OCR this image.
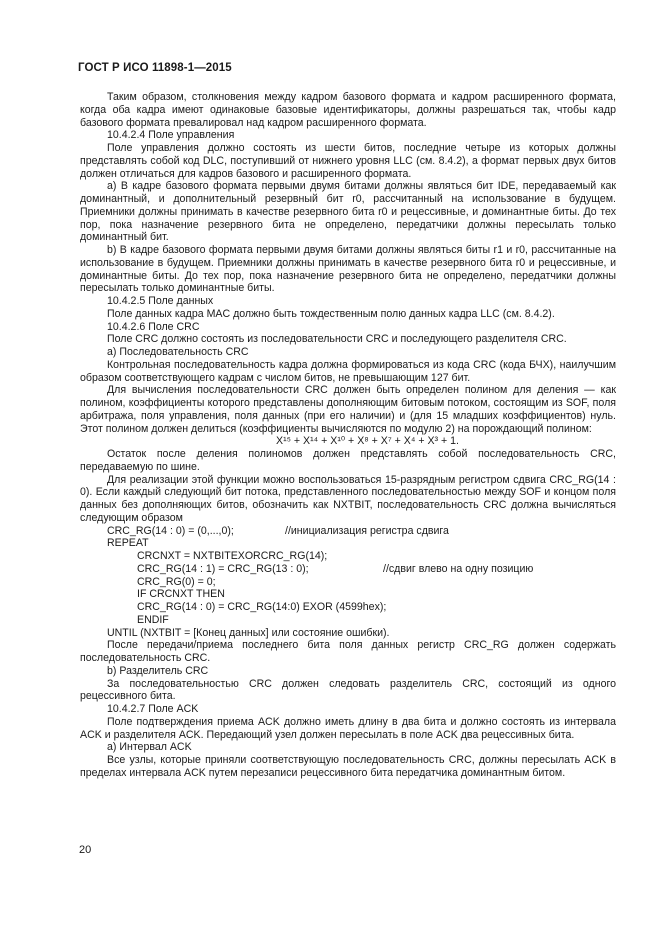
ГОСТ Р ИСО 11898-1—2015

Таким образом, столкновения между кадром базового формата и кадром расширенного формата, когда оба кадра имеют одинаковые базовые идентификаторы, должны разрешаться так, чтобы кадр базового формата превалировал над кадром расширенного формата.

10.4.2.4 Поле управления

Поле управления должно состоять из шести битов, последние четыре из которых должны представлять собой код DLC, поступивший от нижнего уровня LLC (см. 8.4.2), а формат первых двух битов должен отличаться для кадров базового и расширенного формата.

a) В кадре базового формата первыми двумя битами должны являться бит IDE, передаваемый как доминантный, и дополнительный резервный бит r0, рассчитанный на использование в будущем. Приемники должны принимать в качестве резервного бита r0 и рецессивные, и доминантные биты. До тех пор, пока назначение резервного бита не определено, передатчики должны пересылать только доминантный бит.

b) В кадре базового формата первыми двумя битами должны являться биты r1 и r0, рассчитанные на использование в будущем. Приемники должны принимать в качестве резервного бита r0 и рецессивные, и доминантные биты. До тех пор, пока назначение резервного бита не определено, передатчики должны пересылать только доминантные биты.

10.4.2.5 Поле данных

Поле данных кадра MAC должно быть тождественным полю данных кадра LLC (см. 8.4.2).

10.4.2.6 Поле CRC

Поле CRC должно состоять из последовательности CRC и последующего разделителя CRC.

a) Последовательность CRC

Контрольная последовательность кадра должна формироваться из кода CRC (кода БЧХ), наилучшим образом соответствующего кадрам с числом битов, не превышающим 127 бит.

Для вычисления последовательности CRC должен быть определен полином для деления — как полином, коэффициенты которого представлены дополняющим битовым потоком, состоящим из SOF, поля арбитража, поля управления, поля данных (при его наличии) и (для 15 младших коэффициентов) нуль. Этот полином должен делиться (коэффициенты вычисляются по модулю 2) на порождающий полином:

X¹⁵ + X¹⁴ + X¹⁰ + X⁸ + X⁷ + X⁴ + X³ + 1.

Остаток после деления полиномов должен представлять собой последовательность CRC, передаваемую по шине.

Для реализации этой функции можно воспользоваться 15-разрядным регистром сдвига CRC_RG(14 : 0). Если каждый следующий бит потока, представленного последовательностью между SOF и концом поля данных без дополняющих битов, обозначить как NXTBIT, последовательность CRC должна вычисляться следующим образом

CRC_RG(14 : 0) = (0,...,0);	//инициализация регистра сдвига
REPEAT
CRCNXT = NXTBITEXORCRC_RG(14);
CRC_RG(14 : 1) = CRC_RG(13 : 0);	//сдвиг влево на одну позицию
CRC_RG(0) = 0;
IF CRCNXT THEN
CRC_RG(14 : 0) = CRC_RG(14:0) EXOR (4599hex);
ENDIF
UNTIL (NXTBIT = [Конец данных] или состояние ошибки).

После передачи/приема последнего бита поля данных регистр CRC_RG должен содержать последовательность CRC.

b) Разделитель CRC

За последовательностью CRC должен следовать разделитель CRC, состоящий из одного рецессивного бита.

10.4.2.7 Поле ACK

Поле подтверждения приема ACK должно иметь длину в два бита и должно состоять из интервала ACK и разделителя ACK. Передающий узел должен пересылать в поле ACK два рецессивных бита.

a) Интервал ACK

Все узлы, которые приняли соответствующую последовательность CRC, должны пересылать ACK в пределах интервала ACK путем перезаписи рецессивного бита передатчика доминантным битом.

20
